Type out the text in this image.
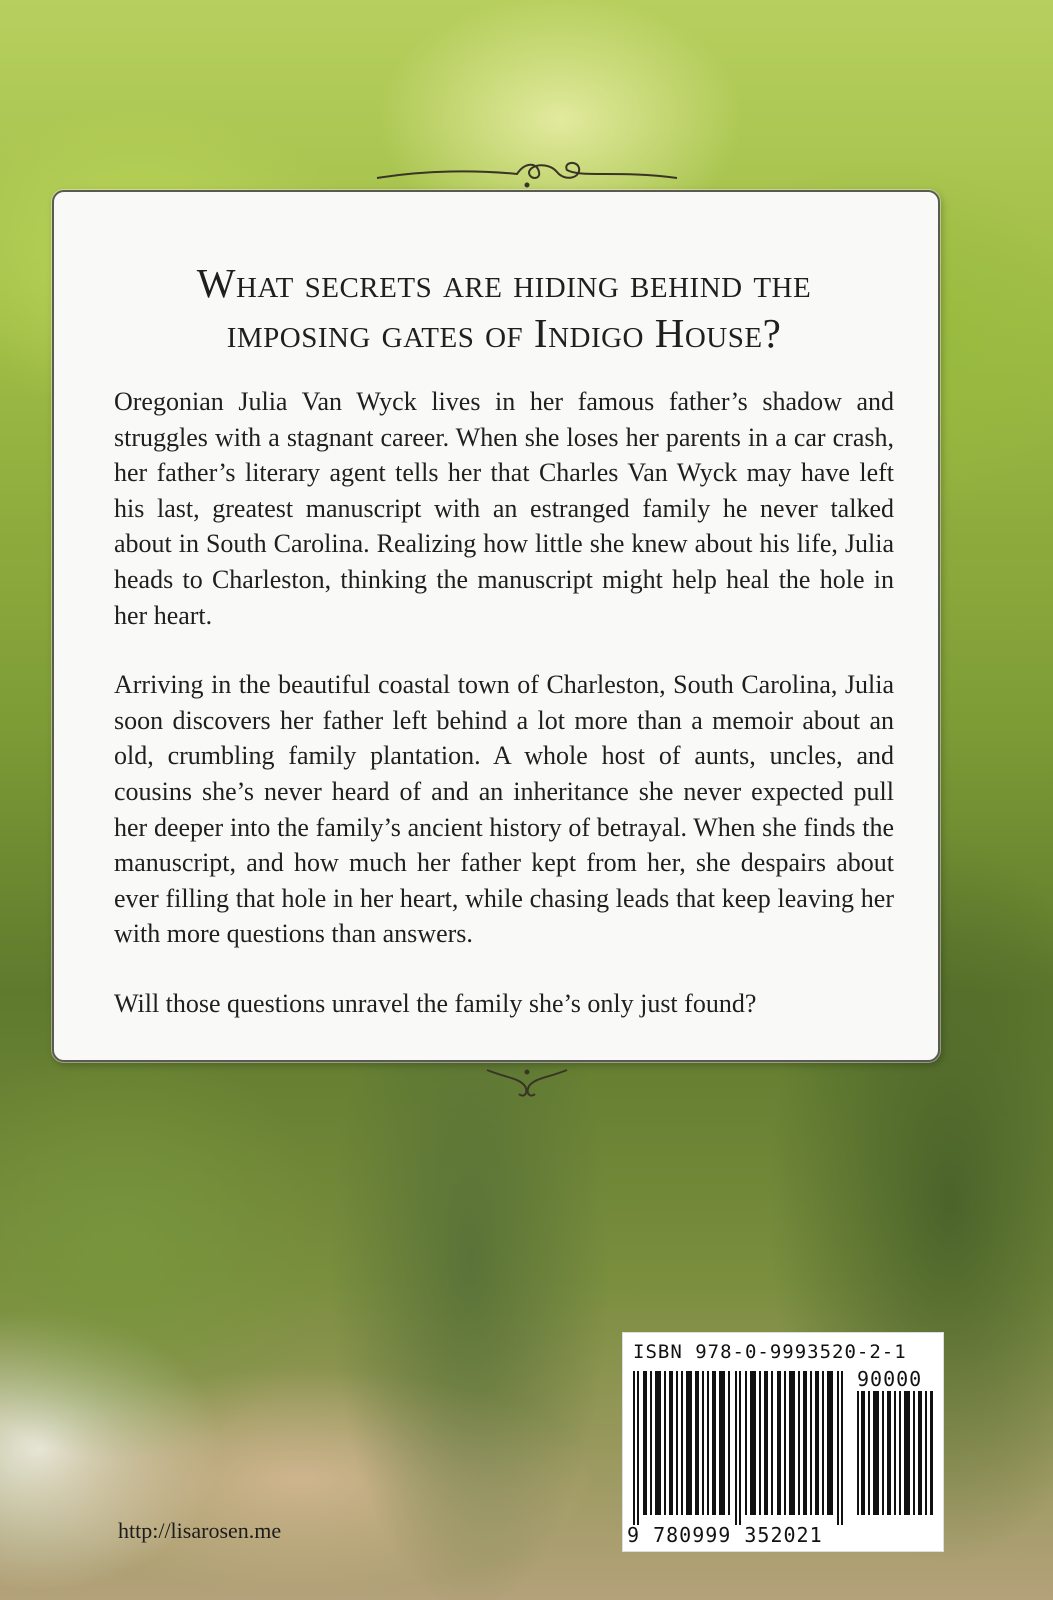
What secrets are hiding behind the
imposing gates of Indigo House?

Oregonian Julia Van Wyck lives in her famous father’s shadow and struggles with a stagnant career. When she loses her parents in a car crash, her father’s literary agent tells her that Charles Van Wyck may have left his last, greatest manuscript with an estranged family he never talked about in South Carolina. Realizing how little she knew about his life, Julia heads to Charleston, thinking the manuscript might help heal the hole in her heart.

Arriving in the beautiful coastal town of Charleston, South Carolina, Julia soon discovers her father left behind a lot more than a memoir about an old, crumbling family plantation. A whole host of aunts, uncles, and cousins she’s never heard of and an inheritance she never expected pull her deeper into the family’s ancient history of betrayal. When she finds the manuscript, and how much her father kept from her, she despairs about ever filling that hole in her heart, while chasing leads that keep leaving her with more questions than answers.

Will those questions unravel the family she’s only just found?

http://lisarosen.me
ISBN 978-0-9993520-2-1
90000
9 780999 352021
